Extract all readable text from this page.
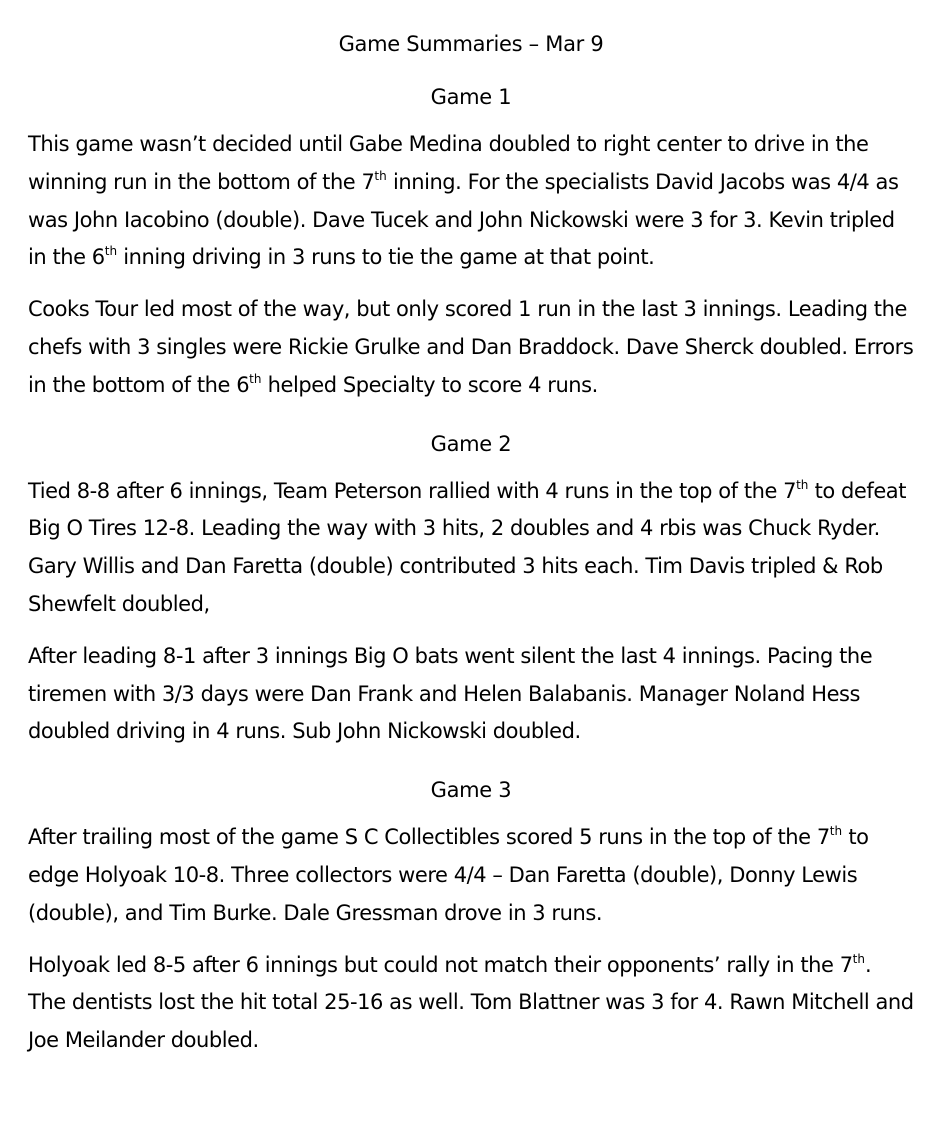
Game Summaries – Mar 9
Game 1

This game wasn’t decided until Gabe Medina doubled to right center to drive in the winning run in the bottom of the 7th inning. For the specialists David Jacobs was 4/4 as was John Iacobino (double). Dave Tucek and John Nickowski were 3 for 3. Kevin tripled in the 6th inning driving in 3 runs to tie the game at that point.

Cooks Tour led most of the way, but only scored 1 run in the last 3 innings. Leading the chefs with 3 singles were Rickie Grulke and Dan Braddock. Dave Sherck doubled. Errors in the bottom of the 6th helped Specialty to score 4 runs.

Game 2

Tied 8-8 after 6 innings, Team Peterson rallied with 4 runs in the top of the 7th to defeat Big O Tires 12-8. Leading the way with 3 hits, 2 doubles and 4 rbis was Chuck Ryder. Gary Willis and Dan Faretta (double) contributed 3 hits each. Tim Davis tripled & Rob Shewfelt doubled,

After leading 8-1 after 3 innings Big O bats went silent the last 4 innings. Pacing the tiremen with 3/3 days were Dan Frank and Helen Balabanis. Manager Noland Hess doubled driving in 4 runs. Sub John Nickowski doubled.

Game 3

After trailing most of the game S C Collectibles scored 5 runs in the top of the 7th to edge Holyoak 10-8. Three collectors were 4/4 – Dan Faretta (double), Donny Lewis (double), and Tim Burke. Dale Gressman drove in 3 runs.

Holyoak led 8-5 after 6 innings but could not match their opponents’ rally in the 7th. The dentists lost the hit total 25-16 as well. Tom Blattner was 3 for 4. Rawn Mitchell and Joe Meilander doubled.
